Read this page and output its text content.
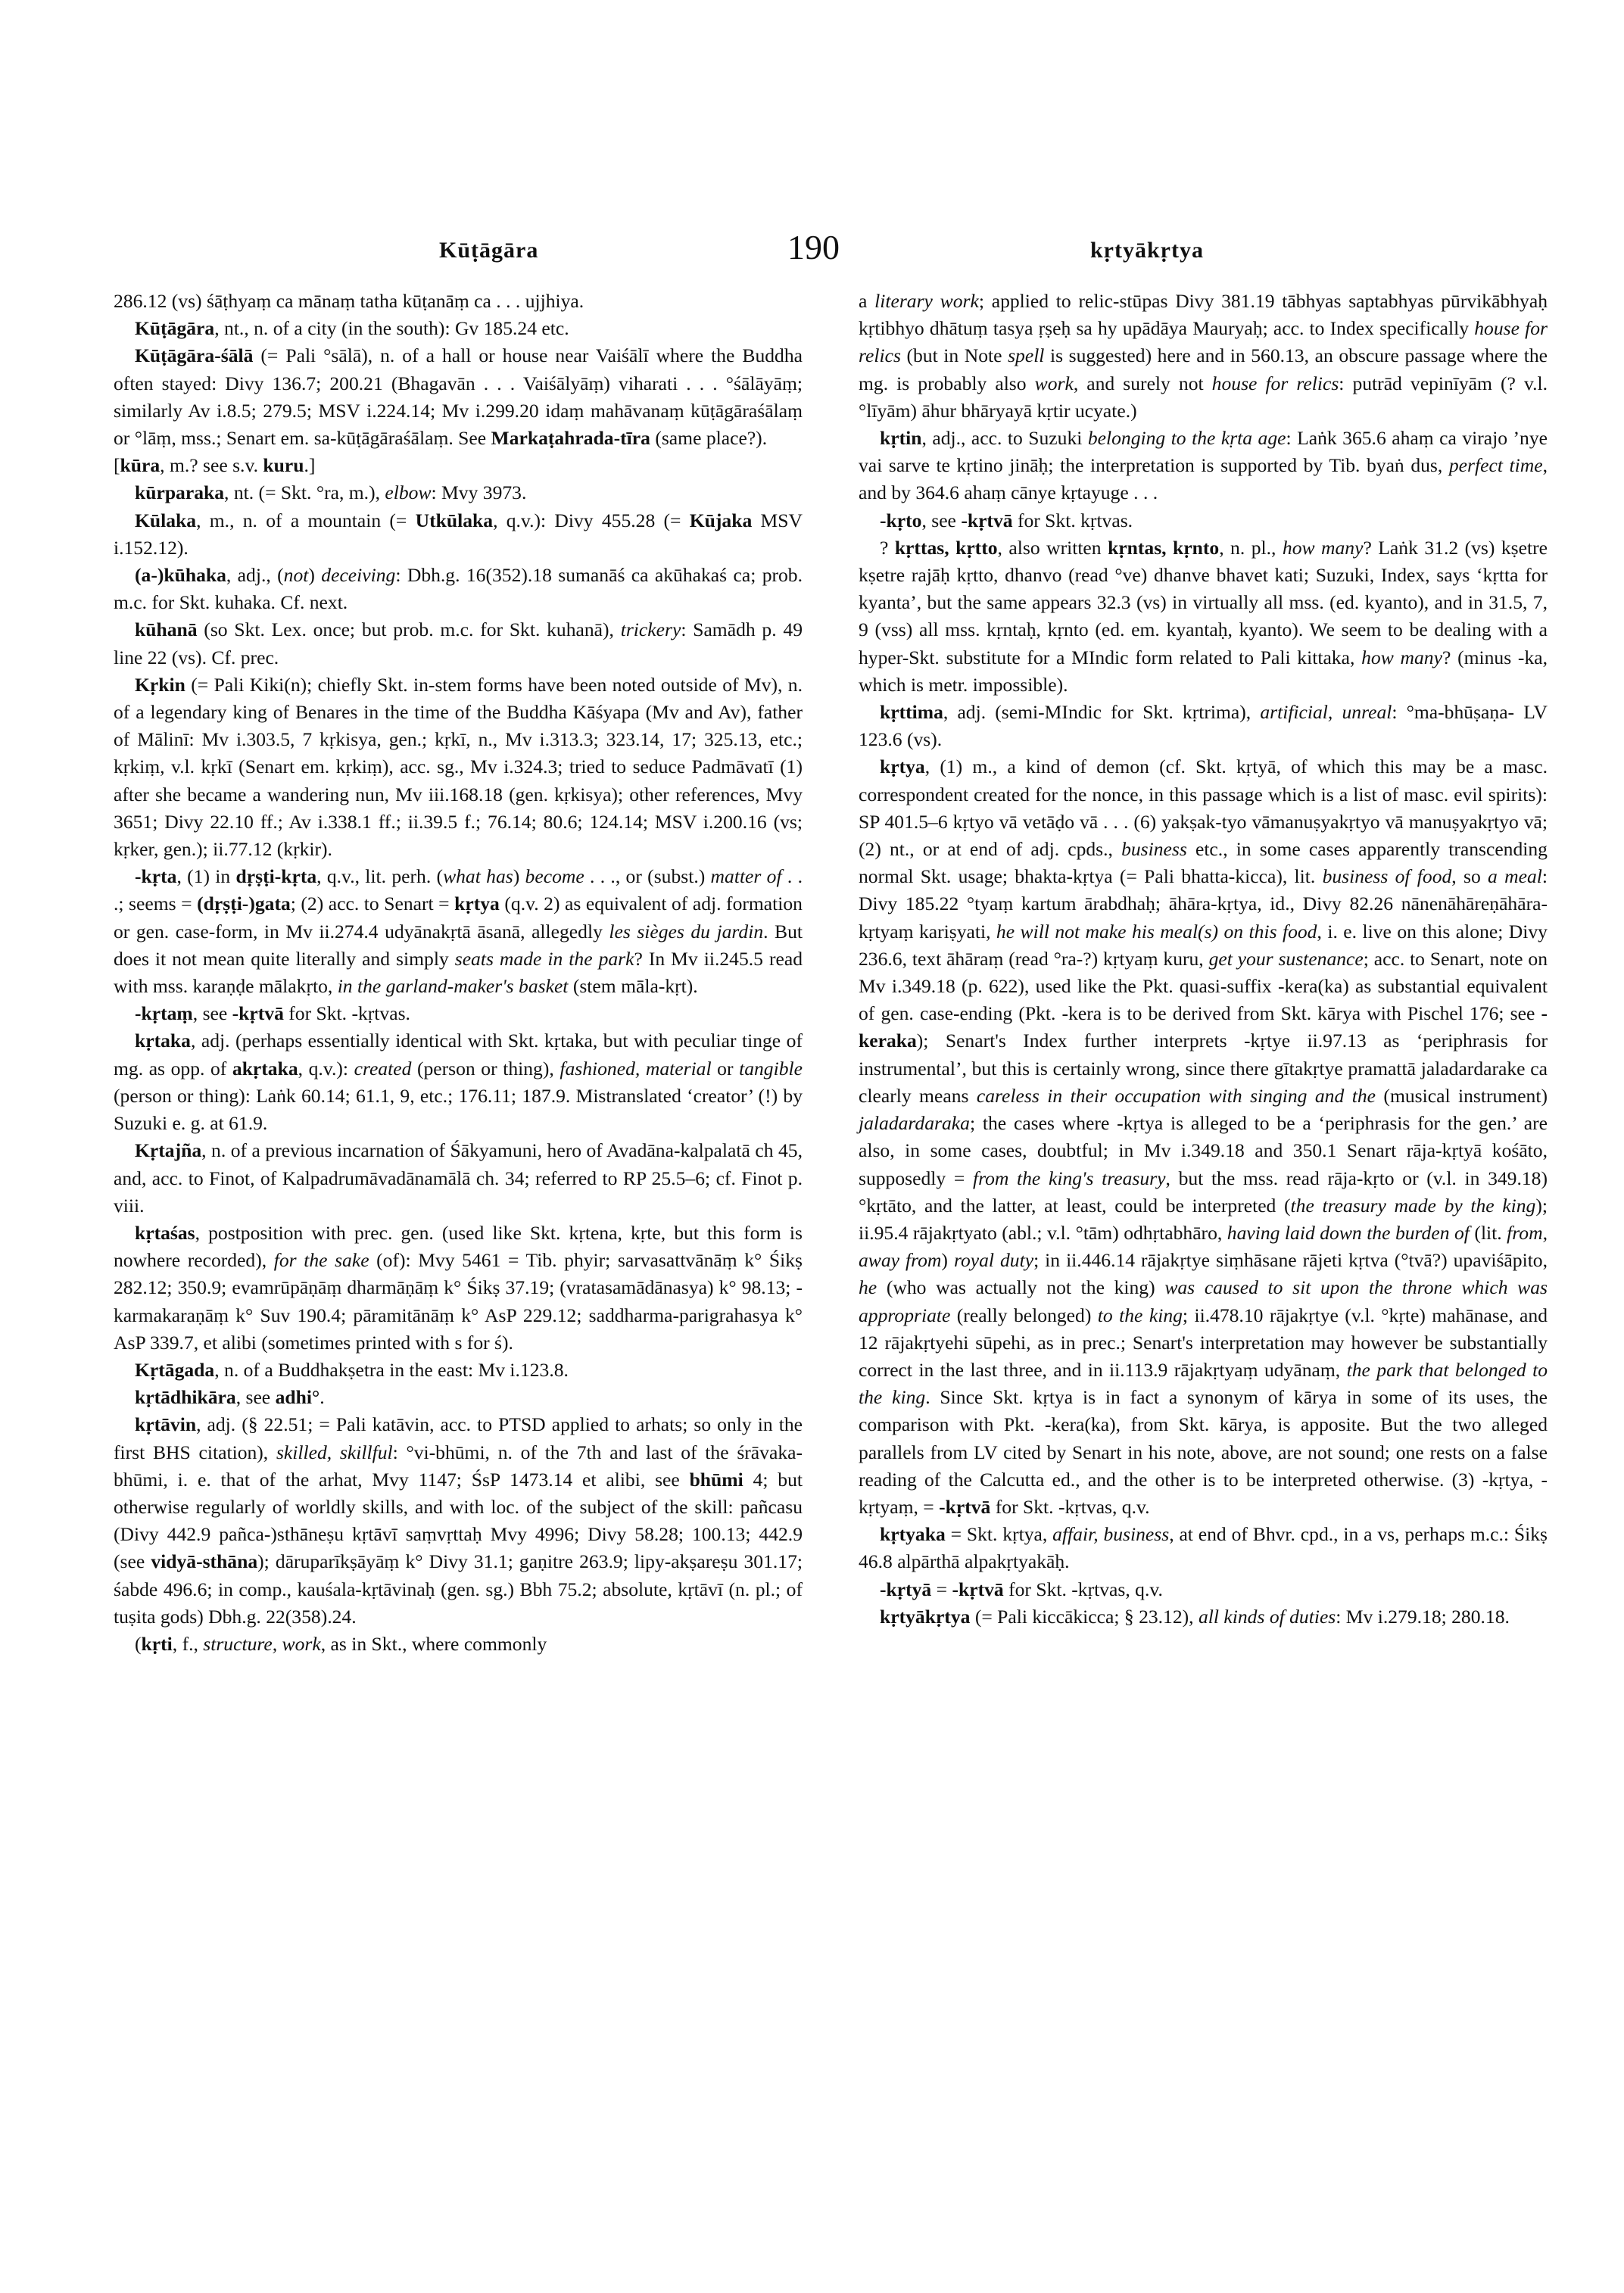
Kūṭāgāra	190	kṛtyākṛtya

286.12 (vs) śāṭhyaṃ ca mānaṃ tatha kūṭanāṃ ca . . . ujjhiya.

Kūṭāgāra, nt., n. of a city (in the south): Gv 185.24 etc.

Kūṭāgāra-śālā (= Pali °sālā), n. of a hall or house near Vaiśālī where the Buddha often stayed: Divy 136.7; 200.21 (Bhagavān . . . Vaiśālyāṃ) viharati . . . °śālāyāṃ; similarly Av i.8.5; 279.5; MSV i.224.14; Mv i.299.20 idaṃ mahāvanaṃ kūṭāgāraśālaṃ or °lāṃ, mss.; Senart em. sa-kūṭāgāraśālaṃ. See Markaṭahrada-tīra (same place?).

[kūra, m.? see s.v. kuru.]

kūrparaka, nt. (= Skt. °ra, m.), elbow: Mvy 3973.

Kūlaka, m., n. of a mountain (= Utkūlaka, q.v.): Divy 455.28 (= Kūjaka MSV i.152.12).

(a-)kūhaka, adj., (not) deceiving: Dbh.g. 16(352).18 sumanāś ca akūhakaś ca; prob. m.c. for Skt. kuhaka. Cf. next.

kūhanā (so Skt. Lex. once; but prob. m.c. for Skt. kuhanā), trickery: Samādh p. 49 line 22 (vs). Cf. prec.

Kṛkin (= Pali Kiki(n); chiefly Skt. in-stem forms have been noted outside of Mv), n. of a legendary king of Benares in the time of the Buddha Kāśyapa (Mv and Av), father of Mālinī: Mv i.303.5, 7 kṛkisya, gen.; kṛkī, n., Mv i.313.3; 323.14, 17; 325.13, etc.; kṛkiṃ, v.l. kṛkī (Senart em. kṛkiṃ), acc. sg., Mv i.324.3; tried to seduce Padmāvatī (1) after she became a wandering nun, Mv iii.168.18 (gen. kṛkisya); other references, Mvy 3651; Divy 22.10 ff.; Av i.338.1 ff.; ii.39.5 f.; 76.14; 80.6; 124.14; MSV i.200.16 (vs; kṛker, gen.); ii.77.12 (kṛkir).

-kṛta, (1) in dṛṣṭi-kṛta, q.v., lit. perh. (what has) become . . ., or (subst.) matter of . . .; seems = (dṛṣṭi-)gata; (2) acc. to Senart = kṛtya (q.v. 2) as equivalent of adj. formation or gen. case-form, in Mv ii.274.4 udyānakṛtā āsanā, allegedly les sièges du jardin. But does it not mean quite literally and simply seats made in the park? In Mv ii.245.5 read with mss. karaṇḍe mālakṛto, in the garland-maker's basket (stem māla-kṛt).

-kṛtaṃ, see -kṛtvā for Skt. -kṛtvas.

kṛtaka, adj. (perhaps essentially identical with Skt. kṛtaka, but with peculiar tinge of mg. as opp. of akṛtaka, q.v.): created (person or thing), fashioned, material or tangible (person or thing): Laṅk 60.14; 61.1, 9, etc.; 176.11; 187.9. Mistranslated ‘creator’ (!) by Suzuki e. g. at 61.9.

Kṛtajña, n. of a previous incarnation of Śākyamuni, hero of Avadāna-kalpalatā ch 45, and, acc. to Finot, of Kalpadrumāvadānamālā ch. 34; referred to RP 25.5–6; cf. Finot p. viii.

kṛtaśas, postposition with prec. gen. (used like Skt. kṛtena, kṛte, but this form is nowhere recorded), for the sake (of): Mvy 5461 = Tib. phyir; sarvasattvānāṃ k° Śikṣ 282.12; 350.9; evamrūpāṇāṃ dharmāṇāṃ k° Śikṣ 37.19; (vratasamādānasya) k° 98.13; -karmakaraṇāṃ k° Suv 190.4; pāramitānāṃ k° AsP 229.12; saddharma-parigrahasya k° AsP 339.7, et alibi (sometimes printed with s for ś).

Kṛtāgada, n. of a Buddhakṣetra in the east: Mv i.123.8.

kṛtādhikāra, see adhi°.

kṛtāvin, adj. (§ 22.51; = Pali katāvin, acc. to PTSD applied to arhats; so only in the first BHS citation), skilled, skillful: °vi-bhūmi, n. of the 7th and last of the śrāvaka-bhūmi, i. e. that of the arhat, Mvy 1147; ŚsP 1473.14 et alibi, see bhūmi 4; but otherwise regularly of worldly skills, and with loc. of the subject of the skill: pañcasu (Divy 442.9 pañca-)sthāneṣu kṛtāvī saṃvṛttaḥ Mvy 4996; Divy 58.28; 100.13; 442.9 (see vidyā-sthāna); dāruparīkṣāyāṃ k° Divy 31.1; gaṇitre 263.9; lipy-akṣareṣu 301.17; śabde 496.6; in comp., kauśala-kṛtāvinaḥ (gen. sg.) Bbh 75.2; absolute, kṛtāvī (n. pl.; of tuṣita gods) Dbh.g. 22(358).24.

(kṛti, f., structure, work, as in Skt., where commonly

a literary work; applied to relic-stūpas Divy 381.19 tābhyas saptabhyas pūrvikābhyaḥ kṛtibhyo dhātuṃ tasya ṛṣeḥ sa hy upādāya Mauryaḥ; acc. to Index specifically house for relics (but in Note spell is suggested) here and in 560.13, an obscure passage where the mg. is probably also work, and surely not house for relics: putrād vepinīyām (? v.l. °līyām) āhur bhāryayā kṛtir ucyate.)

kṛtin, adj., acc. to Suzuki belonging to the kṛta age: Laṅk 365.6 ahaṃ ca virajo ’nye vai sarve te kṛtino jināḥ; the interpretation is supported by Tib. byaṅ dus, perfect time, and by 364.6 ahaṃ cānye kṛtayuge . . .

-kṛto, see -kṛtvā for Skt. kṛtvas.

? kṛttas, kṛtto, also written kṛntas, kṛnto, n. pl., how many? Laṅk 31.2 (vs) kṣetre kṣetre rajāḥ kṛtto, dhanvo (read °ve) dhanve bhavet kati; Suzuki, Index, says ‘kṛtta for kyanta’, but the same appears 32.3 (vs) in virtually all mss. (ed. kyanto), and in 31.5, 7, 9 (vss) all mss. kṛntaḥ, kṛnto (ed. em. kyantaḥ, kyanto). We seem to be dealing with a hyper-Skt. substitute for a MIndic form related to Pali kittaka, how many? (minus -ka, which is metr. impossible).

kṛttima, adj. (semi-MIndic for Skt. kṛtrima), artificial, unreal: °ma-bhūṣaṇa- LV 123.6 (vs).

kṛtya, (1) m., a kind of demon (cf. Skt. kṛtyā, of which this may be a masc. correspondent created for the nonce, in this passage which is a list of masc. evil spirits): SP 401.5–6 kṛtyo vā vetāḍo vā . . . (6) yakṣak-tyo vāmanuṣyakṛtyo vā manuṣyakṛtyo vā; (2) nt., or at end of adj. cpds., business etc., in some cases apparently transcending normal Skt. usage; bhakta-kṛtya (= Pali bhatta-kicca), lit. business of food, so a meal: Divy 185.22 °tyaṃ kartum ārabdhaḥ; āhāra-kṛtya, id., Divy 82.26 nānenāhāreṇāhāra-kṛtyaṃ kariṣyati, he will not make his meal(s) on this food, i. e. live on this alone; Divy 236.6, text āhāraṃ (read °ra-?) kṛtyaṃ kuru, get your sustenance; acc. to Senart, note on Mv i.349.18 (p. 622), used like the Pkt. quasi-suffix -kera(ka) as substantial equivalent of gen. case-ending (Pkt. -kera is to be derived from Skt. kārya with Pischel 176; see -keraka); Senart's Index further interprets -kṛtye ii.97.13 as ‘periphrasis for instrumental’, but this is certainly wrong, since there gītakṛtye pramattā jaladardarake ca clearly means careless in their occupation with singing and the (musical instrument) jaladardaraka; the cases where -kṛtya is alleged to be a ‘periphrasis for the gen.’ are also, in some cases, doubtful; in Mv i.349.18 and 350.1 Senart rāja-kṛtyā kośāto, supposedly = from the king's treasury, but the mss. read rāja-kṛto or (v.l. in 349.18) °kṛtāto, and the latter, at least, could be interpreted (the treasury made by the king); ii.95.4 rājakṛtyato (abl.; v.l. °tām) odhṛtabhāro, having laid down the burden of (lit. from, away from) royal duty; in ii.446.14 rājakṛtye siṃhāsane rājeti kṛtva (°tvā?) upaviśāpito, he (who was actually not the king) was caused to sit upon the throne which was appropriate (really belonged) to the king; ii.478.10 rājakṛtye (v.l. °kṛte) mahānase, and 12 rājakṛtyehi sūpehi, as in prec.; Senart's interpretation may however be substantially correct in the last three, and in ii.113.9 rājakṛtyaṃ udyānaṃ, the park that belonged to the king. Since Skt. kṛtya is in fact a synonym of kārya in some of its uses, the comparison with Pkt. -kera(ka), from Skt. kārya, is apposite. But the two alleged parallels from LV cited by Senart in his note, above, are not sound; one rests on a false reading of the Calcutta ed., and the other is to be interpreted otherwise. (3) -kṛtya, -kṛtyaṃ, = -kṛtvā for Skt. -kṛtvas, q.v.

kṛtyaka = Skt. kṛtya, affair, business, at end of Bhvr. cpd., in a vs, perhaps m.c.: Śikṣ 46.8 alpārthā alpakṛtyakāḥ.

-kṛtyā = -kṛtvā for Skt. -kṛtvas, q.v.

kṛtyākṛtya (= Pali kiccākicca; § 23.12), all kinds of duties: Mv i.279.18; 280.18.
